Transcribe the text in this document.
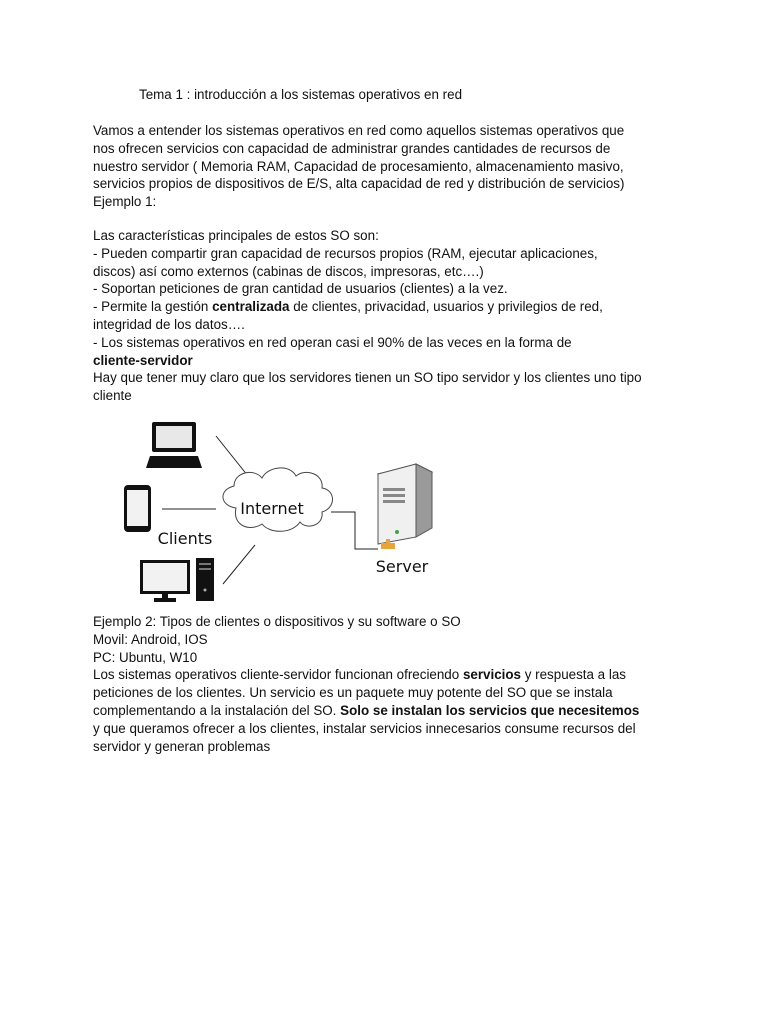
Tema 1 : introducción a los sistemas operativos en red

Vamos a entender los sistemas operativos en red como aquellos sistemas operativos que

nos ofrecen servicios con capacidad de administrar grandes cantidades de recursos de

nuestro servidor ( Memoria RAM, Capacidad de procesamiento, almacenamiento masivo,

servicios propios de dispositivos de E/S, alta capacidad de red y distribución de servicios)

Ejemplo 1:

Las características principales de estos SO son:

- Pueden compartir gran capacidad de recursos propios (RAM, ejecutar aplicaciones,

discos) así como externos (cabinas de discos, impresoras, etc….)

- Soportan peticiones de gran cantidad de usuarios (clientes) a la vez.

- Permite la gestión centralizada de clientes, privacidad, usuarios y privilegios de red,

integridad de los datos….

- Los sistemas operativos en red operan casi el 90% de las veces en la forma de

cliente-servidor

Hay que tener muy claro que los servidores tienen un SO tipo servidor y los clientes uno tipo

cliente

Internet
Clients
Server

Ejemplo 2: Tipos de clientes o dispositivos y su software o SO

Movil: Android, IOS

PC: Ubuntu, W10

Los sistemas operativos cliente-servidor funcionan ofreciendo servicios y respuesta a las

peticiones de los clientes. Un servicio es un paquete muy potente del SO que se instala

complementando a la instalación del SO. Solo se instalan los servicios que necesitemos

y que queramos ofrecer a los clientes, instalar servicios innecesarios consume recursos del

servidor y generan problemas
